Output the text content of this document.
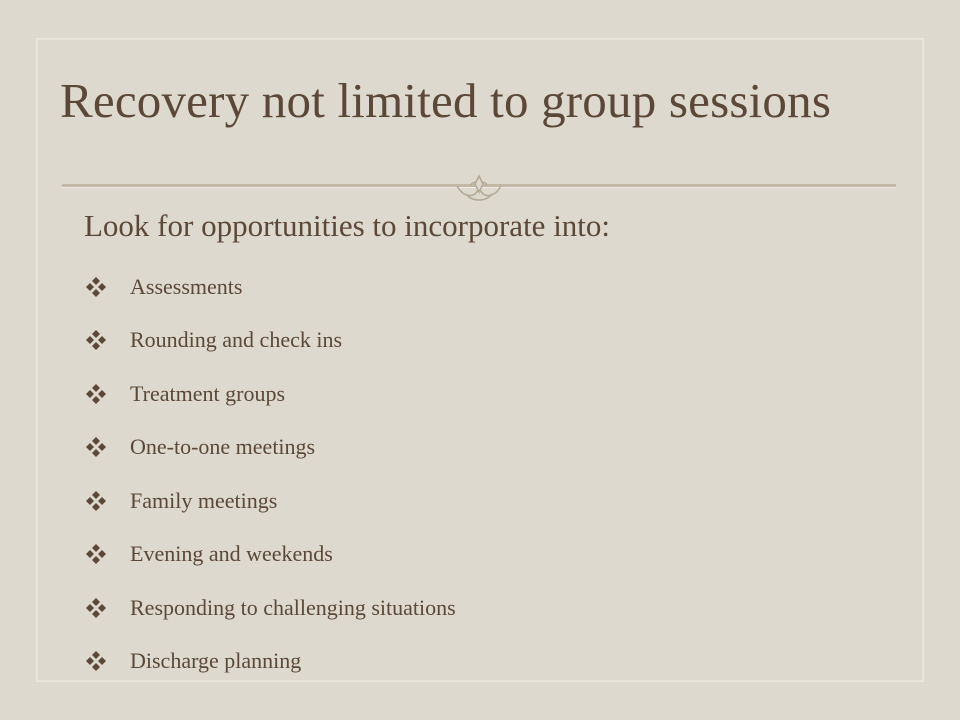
Recovery not limited to group sessions
Look for opportunities to incorporate into:
Assessments
Rounding and check ins
Treatment groups
One-to-one meetings
Family meetings
Evening and weekends
Responding to challenging situations
Discharge planning
